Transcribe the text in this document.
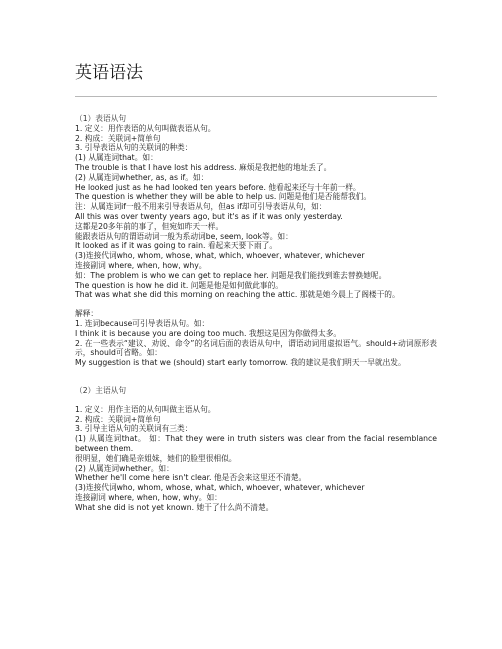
英语语法

（1）表语从句

1. 定义：用作表语的从句叫做表语从句。

2. 构成：关联词+简单句

3. 引导表语从句的关联词的种类：

(1) 从属连词that。如：

The trouble is that I have lost his address. 麻烦是我把他的地址丢了。

(2) 从属连词whether, as, as if。如：

He looked just as he had looked ten years before. 他看起来还与十年前一样。

The question is whether they will be able to help us. 问题是他们是否能帮我们。

注：从属连词if一般不用来引导表语从句，但as if却可引导表语从句，如：

All this was over twenty years ago, but it's as if it was only yesterday.

这都是20多年前的事了，但宛如昨天一样。

能跟表语从句的谓语动词一般为系动词be, seem, look等。如：

It looked as if it was going to rain. 看起来天要下雨了。

(3)连接代词who, whom, whose, what, which, whoever, whatever, whichever

连接副词 where, when, how, why。

如：The problem is who we can get to replace her. 问题是我们能找到谁去替换她呢。

The question is how he did it. 问题是他是如何做此事的。

That was what she did this morning on reaching the attic. 那就是她今晨上了阁楼干的。

解释：

1. 连词because可引导表语从句。如：

I think it is because you are doing too much. 我想这是因为你做得太多。

2. 在一些表示“建议、劝说、命令”的名词后面的表语从句中，谓语动词用虚拟语气。should+动词原形表示，should可省略。如：

My suggestion is that we (should) start early tomorrow. 我的建议是我们明天一早就出发。

（2）主语从句

1. 定义：用作主语的从句叫做主语从句。

2. 构成：关联词+简单句

3. 引导主语从句的关联词有三类：

(1) 从属连词that。 如：That they were in truth sisters was clear from the facial resemblance between them.

很明显，她们确是亲姐妹，她们的脸型很相似。

(2) 从属连词whether。如：

Whether he'll come here isn't clear. 他是否会来这里还不清楚。

(3)连接代词who, whom, whose, what, which, whoever, whatever, whichever

连接副词 where, when, how, why。如：

What she did is not yet known. 她干了什么尚不清楚。
